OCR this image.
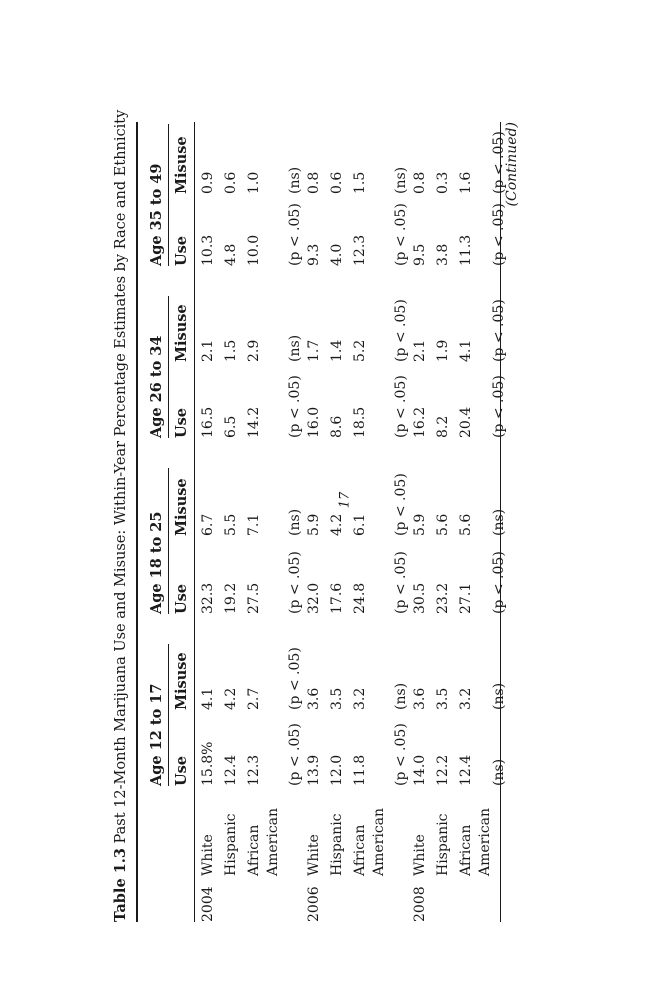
17
Table 1.3 Past 12-Month Marijuana Use and Misuse: Within-Year Percentage Estimates by Race and Ethnicity
2004
White
15.8%
4.1
32.3
6.7
16.5
2.1
10.3
0.9
Hispanic
12.4
4.2
19.2
5.5
6.5
1.5
4.8
0.6
African American
12.3
2.7
27.5
7.1
14.2
2.9
10.0
1.0
(p < .05)
(p < .05)
(p < .05)
(ns)
(p < .05)
(ns)
(p < .05)
(ns)
2006
White
13.9
3.6
32.0
5.9
16.0
1.7
9.3
0.8
Hispanic
12.0
3.5
17.6
4.2
8.6
1.4
4.0
0.6
African American
11.8
3.2
24.8
6.1
18.5
5.2
12.3
1.5
(p < .05)
(ns)
(p < .05)
(p < .05)
(p < .05)
(p < .05)
(p < .05)
(ns)
2008
White
14.0
3.6
30.5
5.9
16.2
2.1
9.5
0.8
Hispanic
12.2
3.5
23.2
5.6
8.2
1.9
3.8
0.3
African American
12.4
3.2
27.1
5.6
20.4
4.1
11.3
1.6
(ns)
(ns)
(p < .05)
(ns)
(p < .05)
(p < .05)
(p < .05)
(p < .05)
(Continued)
Age 12 to 17
Age 18 to 25
Age 26 to 34
Age 35 to 49
Use
Misuse
Use
Misuse
Use
Misuse
Use
Misuse
